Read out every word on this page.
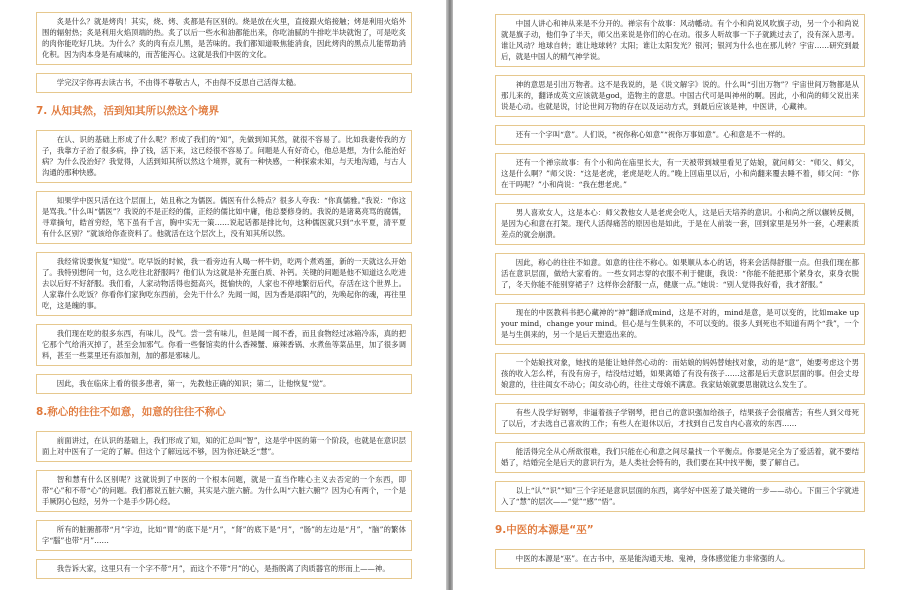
炙是什么？就是烤肉！其实，烧、烤、炙都是有区别的。烧是放在火里，直接跟火焰接触；烤是利用火焰外围的辐射热；炙是利用火焰顶端的热。炙了以后一些水和油都能出来，你吃油腻的牛排吃半块就饱了，可是吃炙的肉你能吃好几块。为什么？炙的肉有点儿黑，是苦味的。我们都知道吸焦能消食，因此烤肉的黑点儿能帮助消化积。因为肉本身是有咸味的，而苦能泻心。这就是我们中医的文化。

学完汉字你再去读古书，不由得不尊敬古人，不由得不反思自己活得太糙。

7. 从知其然，活到知其所以然这个境界

在认、识的基础上形成了什么呢？形成了我们的“知”，先做到知其然，就很不容易了。比如我妻传我的方子，我靠方子治了很多病，挣了钱，活下来，这已经很不容易了。问题是人有好奇心，他总是想，为什么能治好病？为什么没治好？我觉得，人活到知其所以然这个境界，就有一种快感，一种探索未知，与天地沟通，与古人沟通的那种快感。

知果学中医只活在这个层面上，姑且称之为儒医。儒医有什么特点？很多人夸我：“你真儒雅。”我说：“你这是骂我。”什么叫“儒医”？我说的不是正经的儒，正经的儒比如中庸，他总要修身的。我说的是诸葛亮骂的腐儒，寻章摘句，皓首穷经，笔下虽有千言，胸中实无一策……说起话都是排比句，这种儒医就只到“水平夏，清平夏有什么区别？”就该给你查资料了。他就活在这个层次上，没有知其所以然。

我经常说要恢复“知觉”。吃早饭的时候，我一看旁边有人喝一杯牛奶，吃两个煮鸡蛋，新的一天就这么开始了。我特别想问一句，这么吃往北舒服吗？他们认为这就是补充蛋白质、补钙。关键的问题是他不知道这么吃进去以后好不好舒服。我们看，人家动物活得也挺高兴，挺愉快的，人家也不停地繁衍后代，存活在这个世界上。人家靠什么吃饭？你看你们家狗吃东西前，会先干什么？先闻一闻，因为香是添阳气的，先唤起你的魂，再往里吃，这是魄的事。

我们现在吃的很多东西，有味儿，没气。尝一尝有味儿，但是闻一闻不香，而且食物经过冰箱冷冻，真的把它那个气给消灭掉了，甚至会加邪气。你看一些餐馆卖的什么香辣蟹、麻辣香锅、水煮鱼等菜品里，加了很多调料，甚至一些菜里还有添加剂，加的都是邪味儿。

因此，我在临床上看的很多患者，第一，先教他正确的知识；第二，让他恢复“觉”。

8.称心的往往不如意，如意的往往不称心

前面讲过，在认识的基础上，我们形成了知，知的汇总叫“智”，这是学中医的第一个阶段，也就是在意识层面上对中医有了一定的了解。但这个了解远远不够，因为你还缺乏“慧”。

智和慧有什么区别呢？这就说到了中医的一个根本问题，就是一直当作唯心主义去否定的一个东西，即带“心”和不带“心”的问题。我们都说五脏六腑，其实是六脏六腑。为什么叫“六脏六腑”？因为心有两个，一个是手厥阴心包经，另外一个是手少阴心经。

所有的脏腑都带“月”字边，比如“胃”的底下是“月”，“肾”的底下是“月”，“肠”的左边是“月”，“脑”的繁体字“腦”也带“月”……

我告诉大家，这里只有一个字不带“月”，而这个不带“月”的心，是指脱离了肉质器官的形而上——神。

中国人讲心和神从来是不分开的。禅宗有个故事：风动幡动。有个小和尚说风吹旗子动，另一个小和尚说就是旗子动，他们争了半天，师父出来说是你们的心在动。很多人听故事一下子就跳过去了，没有深入思考。谁让风动？地球自转；谁让地球转？太阳；谁让太阳发光？银河；银河为什么也在那儿转？宇宙……研究到最后，就是中国人的精气神学说。

神的意思是引出万物者。这不是我说的，是《说文解字》说的。什么叫“引出万物”？宇宙世间万物都是从那儿来的，翻译成英文应该就是god，造物主的意思。中国古代可是叫神州的啊。因此，小和尚的师父说出来说是心动。也就是说，讨论世间万物的存在以及运动方式，到最后应该是神，中医讲，心藏神。

还有一个字叫“意”。人们说，“祝你称心如意”“祝你万事如意”。心和意是不一样的。

还有一个禅宗故事：有个小和尚在庙里长大，有一天被带到城里看见了姑娘，就问师父：“师父、师父，这是什么啊？”师父说：“这是老虎，老虎是吃人的。”晚上回庙里以后，小和尚翻来覆去睡不着，师父问：“你在干吗呢？”小和尚说：“我在想老虎。”

男人喜欢女人，这是本心：师父教他女人是老虎会吃人，这是后天培养的意识。小和尚之所以辗转反侧，是因为心和意在打架。现代人活得痛苦的原因也是如此，于是在人前装一套，回到家里是另外一套，心理素质差点的就会崩溃。

因此，称心的往往不如意。如意的往往不称心。如果顺从本心的话，将来会活得舒服一点。但我们现在都活在意识层面，做给大家看的。一些女同志穿的衣服不利于健康，我说：“你能不能把那个紧身衣，束身衣脱了，冬天你能不能别穿裙子？这样你会舒服一点，健康一点。”她说：“别人觉得我好看，我才舒服。”

现在的中医教科书把心藏神的“神”翻译成mind，这是不对的，mind是意，是可以变的，比如make up your mind，change your mind。但心是与生俱来的，不可以变的。很多人到死也不知道有两个“我”，一个是与生俱来的，另一个是后天塑造出来的。

一个姑娘找对象，她找的是能让她伴然心动的：而姑娘的妈妈替她找对象，动的是“意”，她要考虑这个男孩的收入怎么样，有没有房子，结没结过婚，如果离婚了有没有孩子……这都是后天意识层面的事。但会丈母娘意的，往往闺女不动心；闺女动心的，往往丈母娘不满意。我家姑娘就要思谢就这么发生了。

有些人没学好钢琴，非逼着孩子学钢琴，把自己的意识强加给孩子，结果孩子会很痛苦；有些人到父母死了以后，才去选自己喜欢的工作；有些人在退休以后，才找到自己发自内心喜欢的东西……

能活得完全从心所欲很难，我们只能在心和意之间尽量找一个平衡点。你要是完全为了爱活着，就不要结婚了，结婚完全是后天的意识行为，是人类社会特有的，我们要在其中找平衡，要了解自己。

以上“认”“识”“知”三个字还是意识层面的东西，离学好中医差了最关键的一步——动心。下面三个字就进入了“慧”的层次——“觉”“感”“悟”。

9.中医的本源是“巫”

中医的本源是“巫”。在古书中，巫是能沟通天地、鬼神，身体感觉能力非常强的人。
